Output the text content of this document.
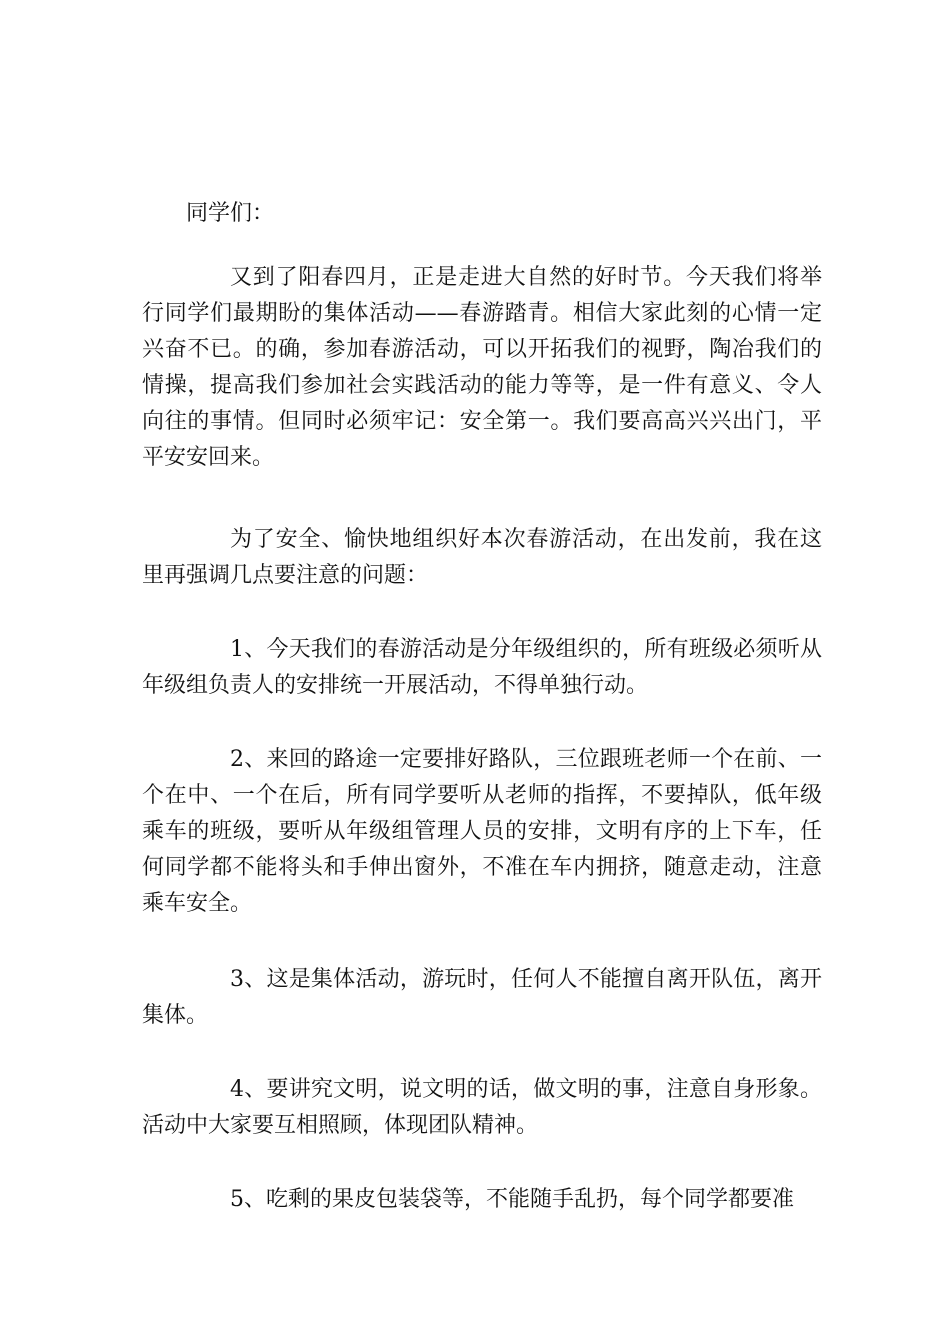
同学们：

又到了阳春四月，正是走进大自然的好时节。今天我们将举行同学们最期盼的集体活动——春游踏青。相信大家此刻的心情一定兴奋不已。的确，参加春游活动，可以开拓我们的视野，陶冶我们的情操，提高我们参加社会实践活动的能力等等，是一件有意义、令人向往的事情。但同时必须牢记：安全第一。我们要高高兴兴出门，平平安安回来。

为了安全、愉快地组织好本次春游活动，在出发前，我在这里再强调几点要注意的问题：

1、今天我们的春游活动是分年级组织的，所有班级必须听从年级组负责人的安排统一开展活动，不得单独行动。

2、来回的路途一定要排好路队，三位跟班老师一个在前、一个在中、一个在后，所有同学要听从老师的指挥，不要掉队，低年级乘车的班级，要听从年级组管理人员的安排，文明有序的上下车，任何同学都不能将头和手伸出窗外，不准在车内拥挤，随意走动，注意乘车安全。

3、这是集体活动，游玩时，任何人不能擅自离开队伍，离开集体。

4、要讲究文明，说文明的话，做文明的事，注意自身形象。活动中大家要互相照顾，体现团队精神。

5、吃剩的果皮包装袋等，不能随手乱扔，每个同学都要准
